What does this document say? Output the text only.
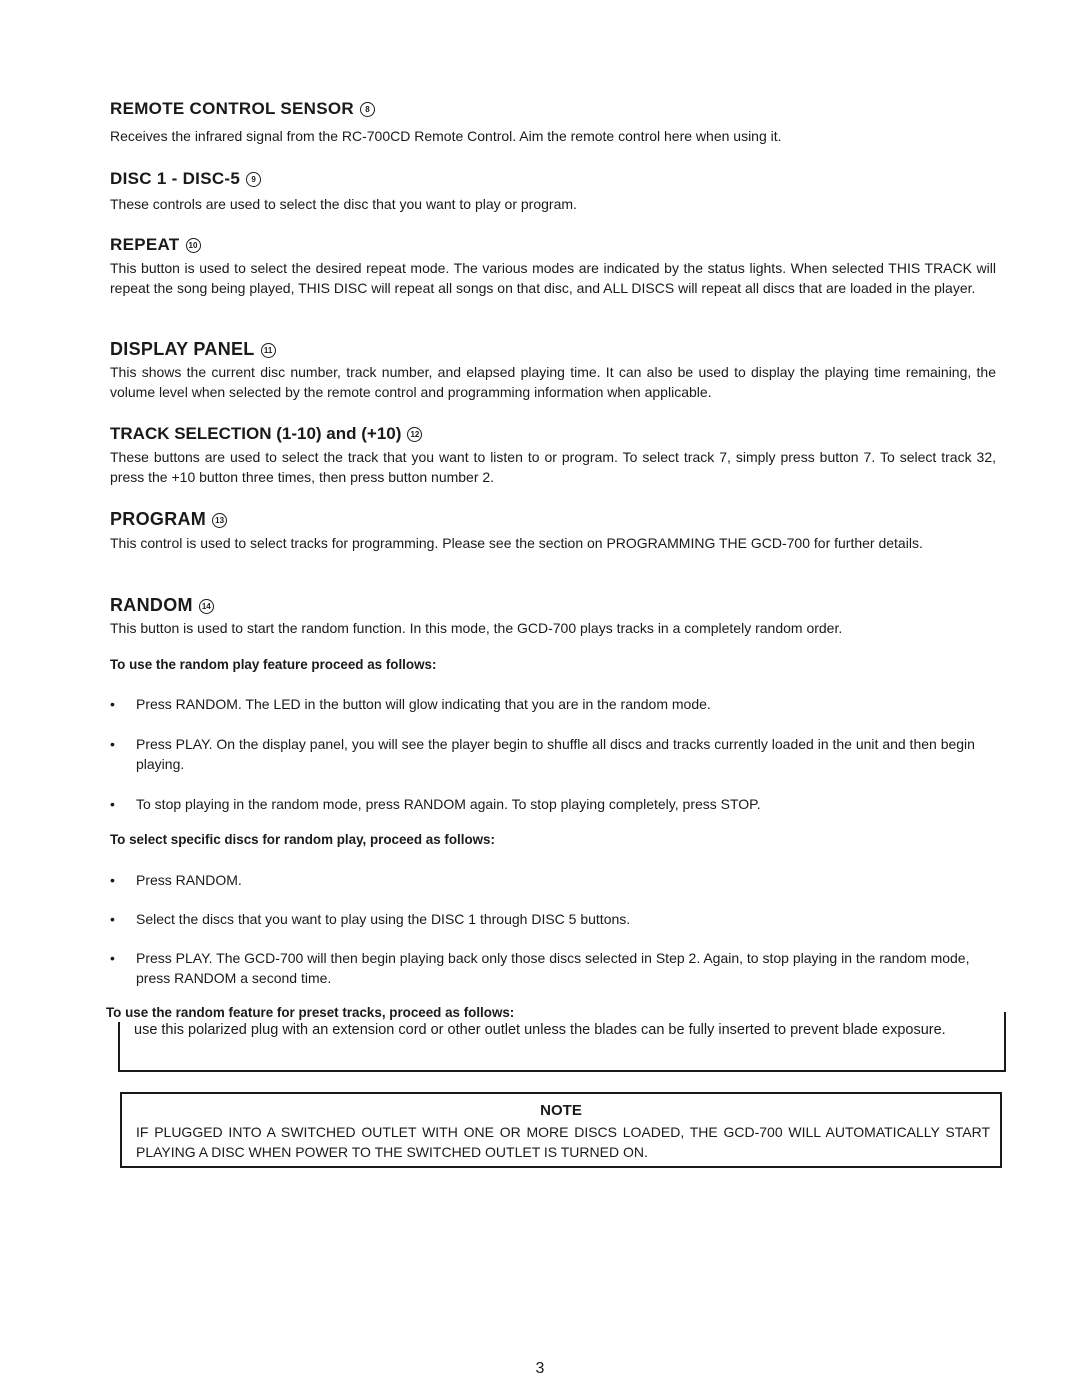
REMOTE CONTROL SENSOR 8

Receives the infrared signal from the RC-700CD Remote Control. Aim the remote control here when using it.

DISC 1 - DISC-5 9

These controls are used to select the disc that you want to play or program.

REPEAT 10

This button is used to select the desired repeat mode. The various modes are indicated by the status lights. When selected THIS TRACK will repeat the song being played, THIS DISC will repeat all songs on that disc, and ALL DISCS will repeat all discs that are loaded in the player.

DISPLAY PANEL 11

This shows the current disc number, track number, and elapsed playing time. It can also be used to display the playing time remaining, the volume level when selected by the remote control and programming information when applicable.

TRACK SELECTION (1-10) and (+10) 12

These buttons are used to select the track that you want to listen to or program. To select track 7, simply press button 7. To select track 32, press the +10 button three times, then press button number 2.

PROGRAM 13

This control is used to select tracks for programming. Please see the section on PROGRAMMING THE GCD-700 for further details.

RANDOM 14

This button is used to start the random function. In this mode, the GCD-700 plays tracks in a completely random order.

To use the random play feature proceed as follows:

•	Press RANDOM. The LED in the button will glow indicating that you are in the random mode.
•	Press PLAY. On the display panel, you will see the player begin to shuffle all discs and tracks currently loaded in the unit and then begin playing.
•	To stop playing in the random mode, press RANDOM again. To stop playing completely, press STOP.

To select specific discs for random play, proceed as follows:

•	Press RANDOM.
•	Select the discs that you want to play using the DISC 1 through DISC 5 buttons.
•	Press PLAY. The GCD-700 will then begin playing back only those discs selected in Step 2. Again, to stop playing in the random mode, press RANDOM a second time.

To use the random feature for preset tracks, proceed as follows:

use this polarized plug with an extension cord or other outlet unless the blades can be fully inserted to prevent blade exposure.

NOTE

IF PLUGGED INTO A SWITCHED OUTLET WITH ONE OR MORE DISCS LOADED, THE GCD-700 WILL AUTOMATICALLY START PLAYING A DISC WHEN POWER TO THE SWITCHED OUTLET IS TURNED ON.

3
